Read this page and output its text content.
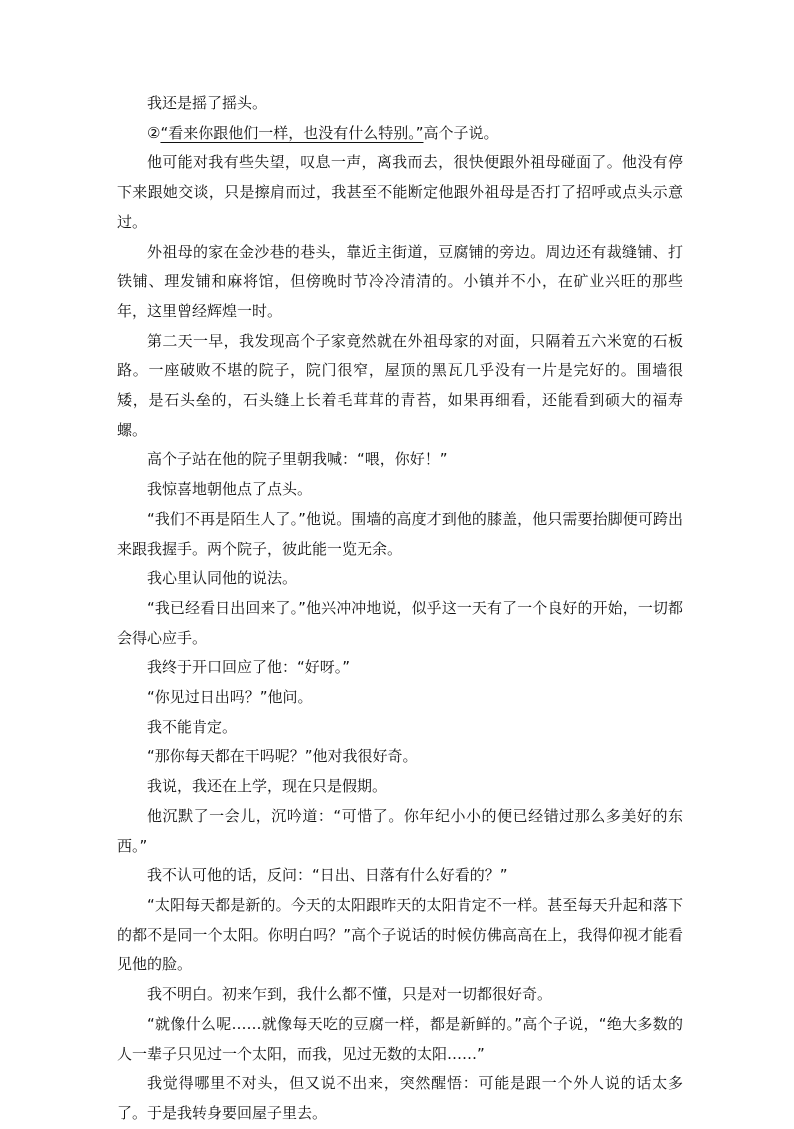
我还是摇了摇头。

②“看来你跟他们一样，也没有什么特别。”高个子说。

他可能对我有些失望，叹息一声，离我而去，很快便跟外祖母碰面了。他没有停下来跟她交谈，只是擦肩而过，我甚至不能断定他跟外祖母是否打了招呼或点头示意过。

外祖母的家在金沙巷的巷头，靠近主街道，豆腐铺的旁边。周边还有裁缝铺、打铁铺、理发铺和麻将馆，但傍晚时节冷冷清清的。小镇并不小，在矿业兴旺的那些年，这里曾经辉煌一时。

第二天一早，我发现高个子家竟然就在外祖母家的对面，只隔着五六米宽的石板路。一座破败不堪的院子，院门很窄，屋顶的黑瓦几乎没有一片是完好的。围墙很矮，是石头垒的，石头缝上长着毛茸茸的青苔，如果再细看，还能看到硕大的福寿螺。

高个子站在他的院子里朝我喊：“喂，你好！”

我惊喜地朝他点了点头。

“我们不再是陌生人了。”他说。围墙的高度才到他的膝盖，他只需要抬脚便可跨出来跟我握手。两个院子，彼此能一览无余。

我心里认同他的说法。

“我已经看日出回来了。”他兴冲冲地说，似乎这一天有了一个良好的开始，一切都会得心应手。

我终于开口回应了他：“好呀。”

“你见过日出吗？”他问。

我不能肯定。

“那你每天都在干吗呢？”他对我很好奇。

我说，我还在上学，现在只是假期。

他沉默了一会儿，沉吟道：“可惜了。你年纪小小的便已经错过那么多美好的东西。”

我不认可他的话，反问：“日出、日落有什么好看的？”

“太阳每天都是新的。今天的太阳跟昨天的太阳肯定不一样。甚至每天升起和落下的都不是同一个太阳。你明白吗？”高个子说话的时候仿佛高高在上，我得仰视才能看见他的脸。

我不明白。初来乍到，我什么都不懂，只是对一切都很好奇。

“就像什么呢……就像每天吃的豆腐一样，都是新鲜的。”高个子说，“绝大多数的人一辈子只见过一个太阳，而我，见过无数的太阳……”

我觉得哪里不对头，但又说不出来，突然醒悟：可能是跟一个外人说的话太多了。于是我转身要回屋子里去。
